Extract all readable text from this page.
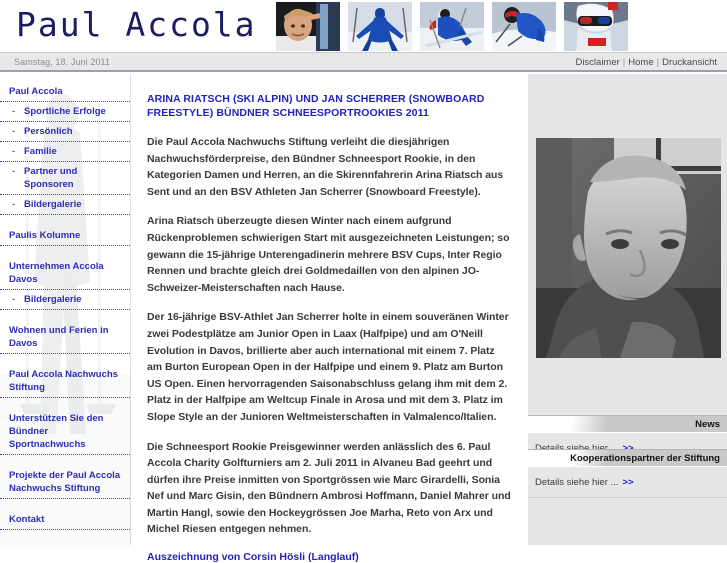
Paul Accola
Samstag, 18. Juni 2011	Disclaimer | Home | Druckansicht
Paul Accola
- Sportliche Erfolge
- Persönlich
- Familie
- Partner und Sponsoren
- Bildergalerie
Paulis Kolumne
Unternehmen Accola Davos
- Bildergalerie
Wohnen und Ferien in Davos
Paul Accola Nachwuchs Stiftung
Unterstützen Sie den Bündner Sportnachwuchs
Projekte der Paul Accola Nachwuchs Stiftung
Kontakt
ARINA RIATSCH (SKI ALPIN) UND JAN SCHERRER (SNOWBOARD FREESTYLE) BÜNDNER SCHNEESPORTROOKIES 2011

Die Paul Accola Nachwuchs Stiftung verleiht die diesjährigen Nachwuchsförderpreise, den Bündner Schneesport Rookie, in den Kategorien Damen und Herren, an die Skirennfahrerin Arina Riatsch aus Sent und an den BSV Athleten Jan Scherrer (Snowboard Freestyle).

Arina Riatsch überzeugte diesen Winter nach einem aufgrund Rückenproblemen schwierigen Start mit ausgezeichneten Leistungen; so gewann die 15-jährige Unterengadinerin mehrere BSV Cups, Inter Regio Rennen und brachte gleich drei Goldmedaillen von den alpinen JO-Schweizer-Meisterschaften nach Hause.

Der 16-jährige BSV-Athlet Jan Scherrer holte in einem souveränen Winter zwei Podestplätze am Junior Open in Laax (Halfpipe) und am O'Neill Evolution in Davos, brillierte aber auch international mit einem 7. Platz am Burton European Open in der Halfpipe und einem 9. Platz am Burton US Open. Einen hervorragenden Saisonabschluss gelang ihm mit dem 2. Platz in der Halfpipe am Weltcup Finale in Arosa und mit dem 3. Platz im Slope Style an der Junioren Weltmeisterschaften in Valmalenco/Italien.

Die Schneesport Rookie Preisgewinner werden anlässlich des 6. Paul Accola Charity Golfturniers am 2. Juli 2011 in Alvaneu Bad geehrt und dürfen ihre Preise inmitten von Sportgrössen wie Marc Girardelli, Sonia Nef und Marc Gisin, den Bündnern Ambrosi Hoffmann, Daniel Mahrer und Martin Hangl, sowie den Hockeygrössen Joe Marha, Reto von Arx und Michel Riesen entgegen nehmen.

Auszeichnung von Corsin Hösli (Langlauf)
News
Kooperationspartner der Stiftung
Details siehe hier ... >>
